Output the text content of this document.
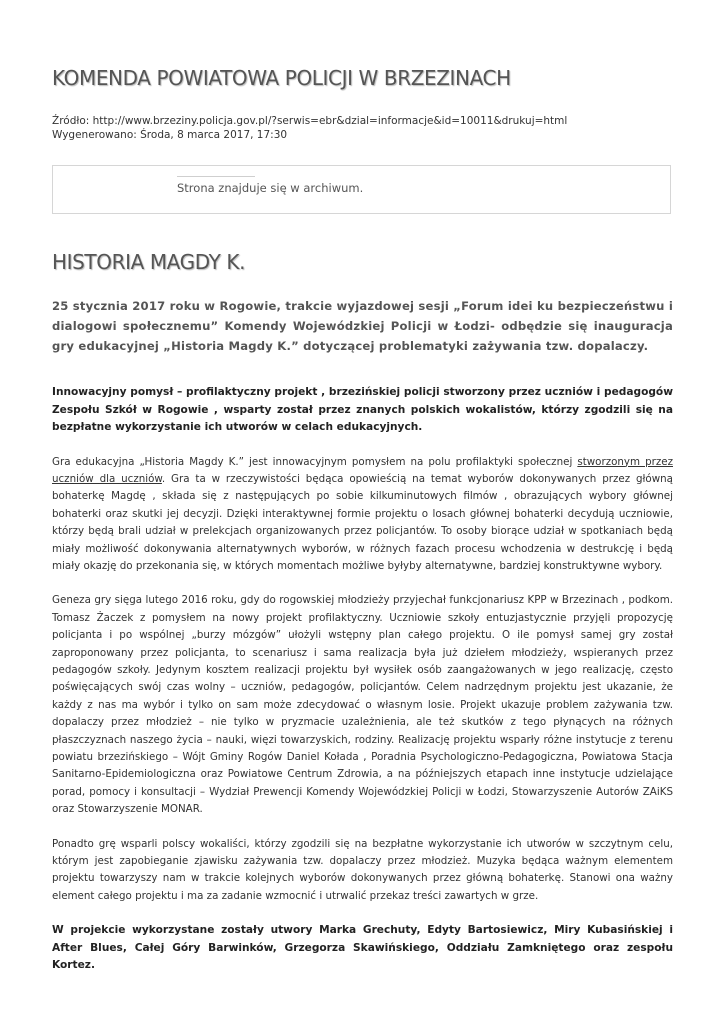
KOMENDA POWIATOWA POLICJI W BRZEZINACH
Źródło: http://www.brzeziny.policja.gov.pl/?serwis=ebr&dzial=informacje&id=10011&drukuj=html
Wygenerowano: Środa, 8 marca 2017, 17:30
Strona znajduje się w archiwum.
HISTORIA MAGDY K.

25 stycznia 2017 roku w Rogowie, trakcie wyjazdowej sesji „Forum idei ku bezpieczeństwu i dialogowi społecznemu” Komendy Wojewódzkiej Policji w Łodzi- odbędzie się inauguracja gry edukacyjnej „Historia Magdy K.” dotyczącej problematyki zażywania tzw. dopalaczy.

Innowacyjny pomysł – profilaktyczny projekt , brzezińskiej policji stworzony przez uczniów i pedagogów Zespołu Szkół w Rogowie , wsparty został przez znanych polskich wokalistów, którzy zgodzili się na bezpłatne wykorzystanie ich utworów w celach edukacyjnych.

Gra edukacyjna „Historia Magdy K.” jest innowacyjnym pomysłem na polu profilaktyki społecznej stworzonym przez uczniów dla uczniów. Gra ta w rzeczywistości będąca opowieścią na temat wyborów dokonywanych przez główną bohaterkę Magdę , składa się z następujących po sobie kilkuminutowych filmów , obrazujących wybory głównej bohaterki oraz skutki jej decyzji. Dzięki interaktywnej formie projektu o losach głównej bohaterki decydują uczniowie, którzy będą brali udział w prelekcjach organizowanych przez policjantów. To osoby biorące udział w spotkaniach będą miały możliwość dokonywania alternatywnych wyborów, w różnych fazach procesu wchodzenia w destrukcję i będą miały okazję do przekonania się, w których momentach możliwe byłyby alternatywne, bardziej konstruktywne wybory.

Geneza gry sięga lutego 2016 roku, gdy do rogowskiej młodzieży przyjechał funkcjonariusz KPP w Brzezinach , podkom. Tomasz Żaczek z pomysłem na nowy projekt profilaktyczny. Uczniowie szkoły entuzjastycznie przyjęli propozycję policjanta i po wspólnej „burzy mózgów” ułożyli wstępny plan całego projektu. O ile pomysł samej gry został zaproponowany przez policjanta, to scenariusz i sama realizacja była już dziełem młodzieży, wspieranych przez pedagogów szkoły. Jedynym kosztem realizacji projektu był wysiłek osób zaangażowanych w jego realizację, często poświęcających swój czas wolny – uczniów, pedagogów, policjantów. Celem nadrzędnym projektu jest ukazanie, że każdy z nas ma wybór i tylko on sam może zdecydować o własnym losie. Projekt ukazuje problem zażywania tzw. dopalaczy przez młodzież – nie tylko w pryzmacie uzależnienia, ale też skutków z tego płynących na różnych płaszczyznach naszego życia – nauki, więzi towarzyskich, rodziny. Realizację projektu wsparły różne instytucje z terenu powiatu brzezińskiego – Wójt Gminy Rogów Daniel Kołada , Poradnia Psychologiczno-Pedagogiczna, Powiatowa Stacja Sanitarno-Epidemiologiczna oraz Powiatowe Centrum Zdrowia, a na późniejszych etapach inne instytucje udzielające porad, pomocy i konsultacji – Wydział Prewencji Komendy Wojewódzkiej Policji w Łodzi, Stowarzyszenie Autorów ZAiKS oraz Stowarzyszenie MONAR.

Ponadto grę wsparli polscy wokaliści, którzy zgodzili się na bezpłatne wykorzystanie ich utworów w szczytnym celu, którym jest zapobieganie zjawisku zażywania tzw. dopalaczy przez młodzież. Muzyka będąca ważnym elementem projektu towarzyszy nam w trakcie kolejnych wyborów dokonywanych przez główną bohaterkę. Stanowi ona ważny element całego projektu i ma za zadanie wzmocnić i utrwalić przekaz treści zawartych w grze.

W projekcie wykorzystane zostały utwory Marka Grechuty, Edyty Bartosiewicz, Miry Kubasińskiej i After Blues, Całej Góry Barwinków, Grzegorza Skawińskiego, Oddziału Zamkniętego oraz zespołu Kortez.
